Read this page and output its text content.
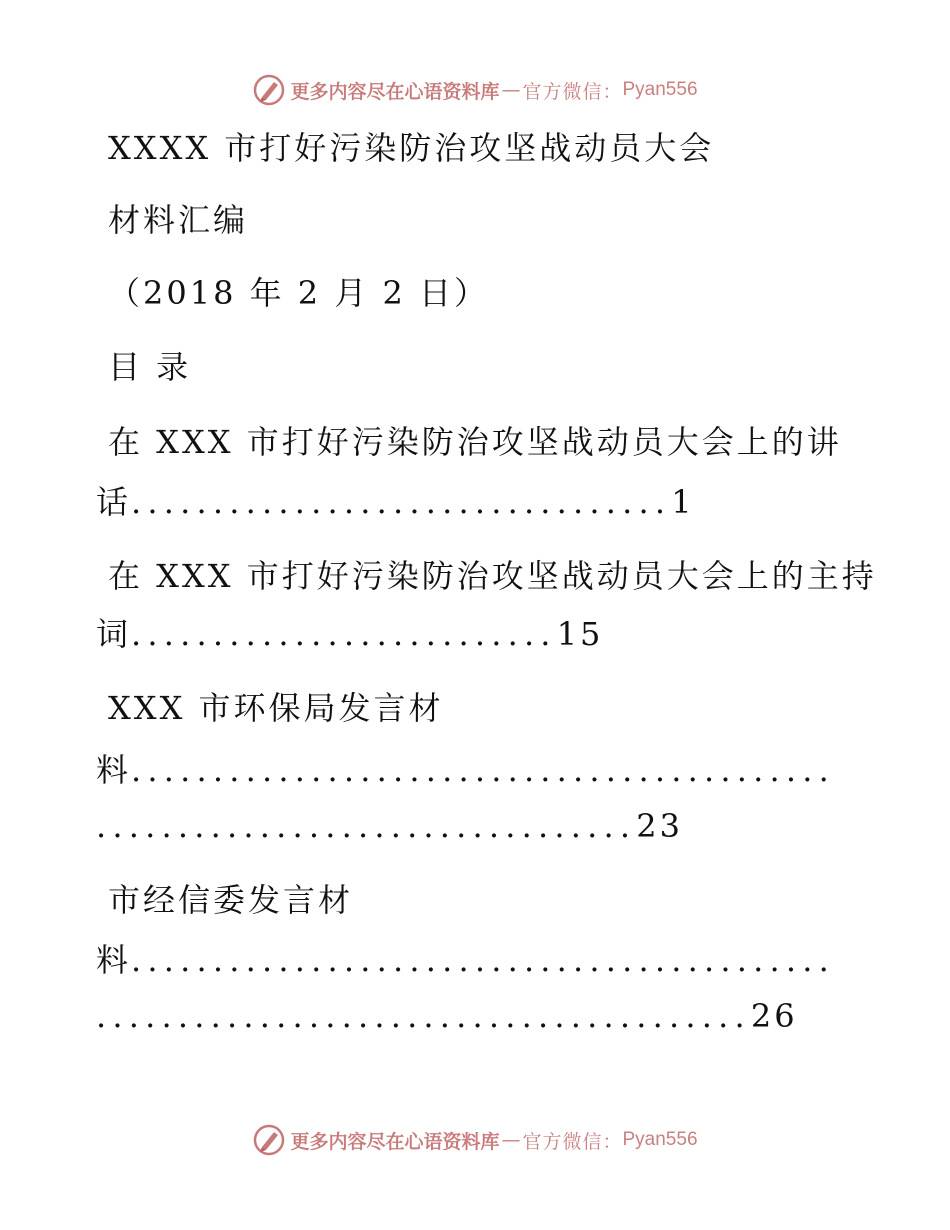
更多内容尽在心语资料库 — 官方微信： Pyan556
XXXX 市打好污染防治攻坚战动员大会
材料汇编
（2018 年 2 月 2 日）
目 录
在 XXX 市打好污染防治攻坚战动员大会上的讲
话.................................1
在 XXX 市打好污染防治攻坚战动员大会上的主持
词..........................15
XXX 市环保局发言材
料...........................................
.................................23
市经信委发言材
料...........................................
........................................26
更多内容尽在心语资料库 — 官方微信： Pyan556
